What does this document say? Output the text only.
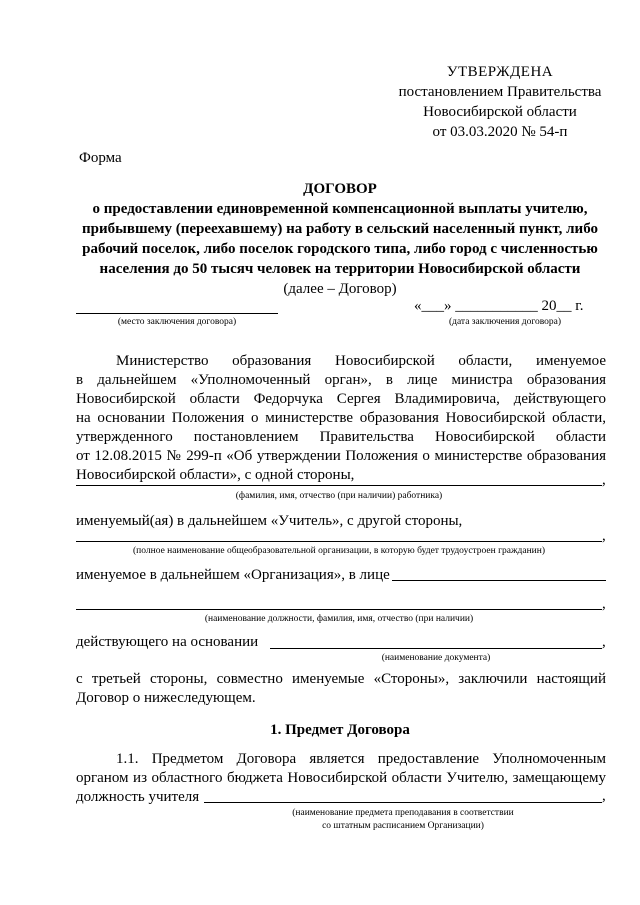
УТВЕРЖДЕНА
постановлением Правительства
Новосибирской области
от 03.03.2020 № 54-п
Форма
ДОГОВОР
о предоставлении единовременной компенсационной выплаты учителю,
прибывшему (переехавшему) на работу в сельский населенный пункт, либо
рабочий поселок, либо поселок городского типа, либо город с численностью
населения до 50 тысяч человек на территории Новосибирской области
(далее – Договор)
(место заключения договора)
«___» ___________ 20__ г.
(дата заключения договора)
Министерство образования Новосибирской области, именуемое
в дальнейшем «Уполномоченный орган», в лице министра образования
Новосибирской области Федорчука Сергея Владимировича, действующего
на основании Положения о министерстве образования Новосибирской области,
утвержденного постановлением Правительства Новосибирской области
от 12.08.2015 № 299-п «Об утверждении Положения о министерстве образования
Новосибирской области», с одной стороны,	,
(фамилия, имя, отчество (при наличии) работника)
именуемый(ая) в дальнейшем «Учитель», с другой стороны,
,
(полное наименование общеобразовательной организации, в которую будет трудоустроен гражданин)
именуемое в дальнейшем «Организация», в лице
,
(наименование должности, фамилия, имя, отчество (при наличии)
действующего на основании	,
(наименование документа)
с третьей стороны, совместно именуемые «Стороны», заключили настоящий
Договор о нижеследующем.
1. Предмет Договора
1.1. Предметом Договора является предоставление Уполномоченным
органом из областного бюджета Новосибирской области Учителю, замещающему
должность учителя	,
(наименование предмета преподавания в соответствии
со штатным расписанием Организации)
